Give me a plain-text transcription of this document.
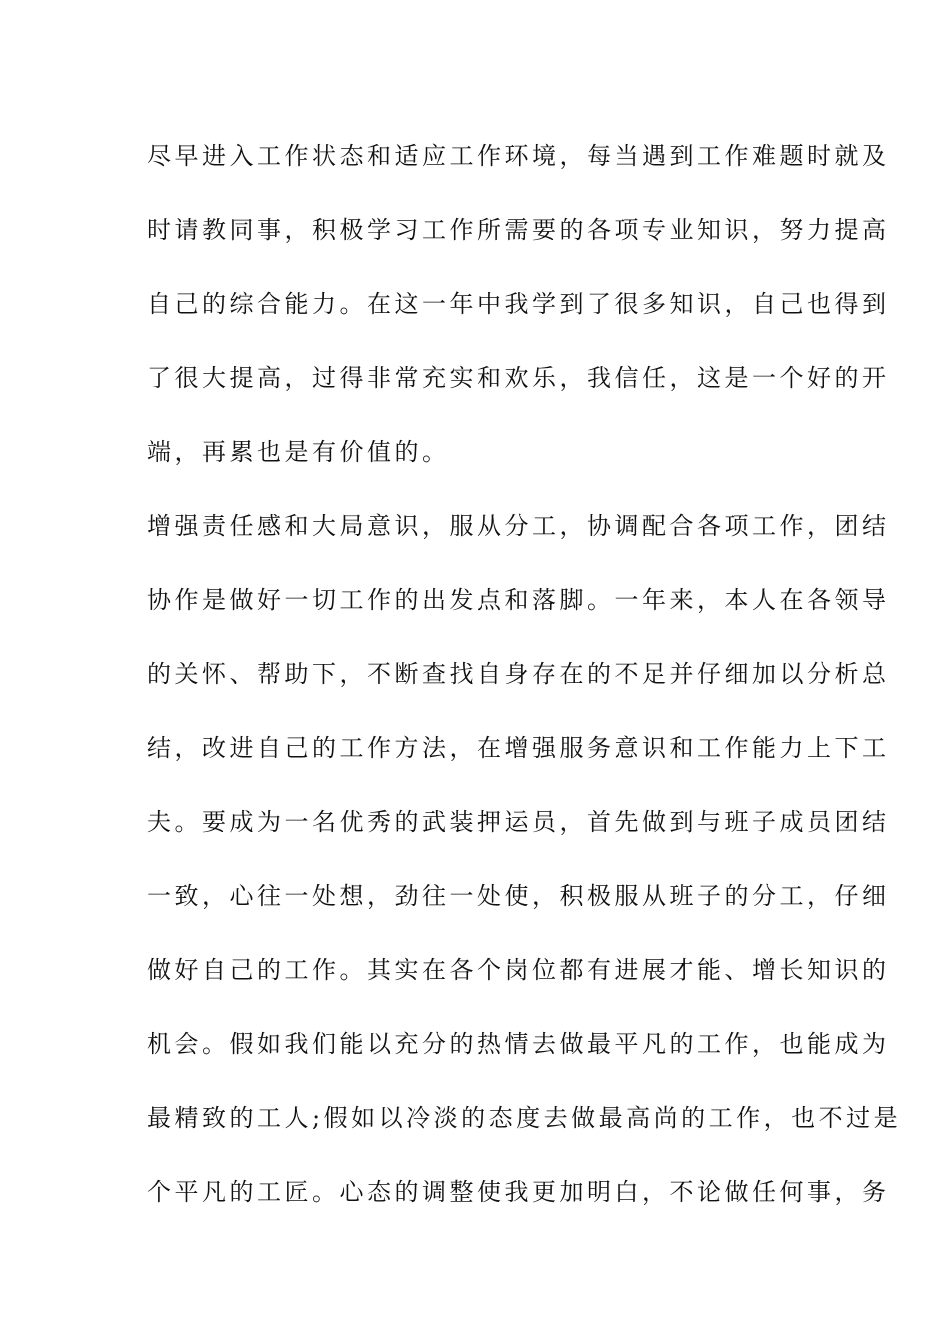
尽早进入工作状态和适应工作环境，每当遇到工作难题时就及
时请教同事，积极学习工作所需要的各项专业知识，努力提高
自己的综合能力。在这一年中我学到了很多知识，自己也得到
了很大提高，过得非常充实和欢乐，我信任，这是一个好的开
端，再累也是有价值的。
增强责任感和大局意识，服从分工，协调配合各项工作，团结
协作是做好一切工作的出发点和落脚。一年来，本人在各领导
的关怀、帮助下，不断查找自身存在的不足并仔细加以分析总
结，改进自己的工作方法，在增强服务意识和工作能力上下工
夫。要成为一名优秀的武装押运员，首先做到与班子成员团结
一致，心往一处想，劲往一处使，积极服从班子的分工，仔细
做好自己的工作。其实在各个岗位都有进展才能、增长知识的
机会。假如我们能以充分的热情去做最平凡的工作，也能成为
最精致的工人;假如以冷淡的态度去做最高尚的工作，也不过是
个平凡的工匠。心态的调整使我更加明白，不论做任何事，务
